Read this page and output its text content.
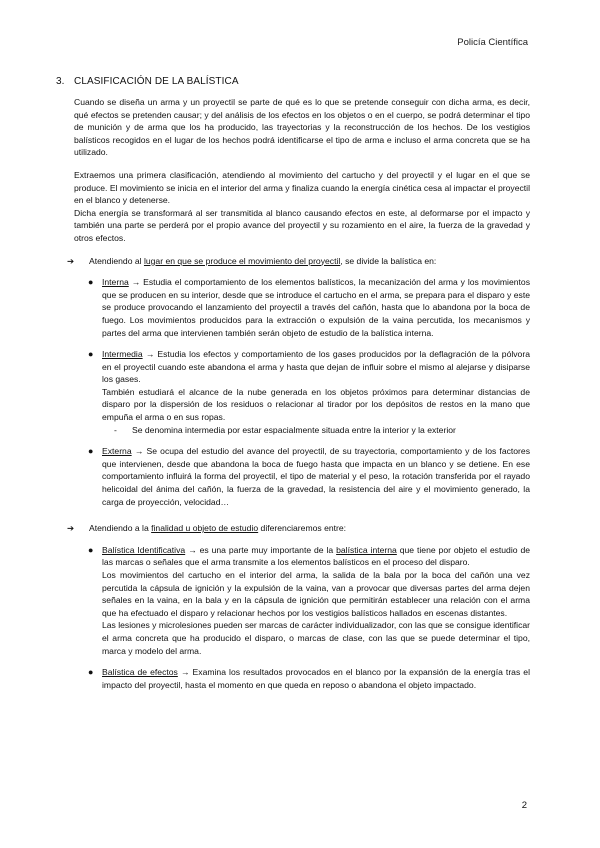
Policía Científica
3. CLASIFICACIÓN DE LA BALÍSTICA

Cuando se diseña un arma y un proyectil se parte de qué es lo que se pretende conseguir con dicha arma, es decir, qué efectos se pretenden causar; y del análisis de los efectos en los objetos o en el cuerpo, se podrá determinar el tipo de munición y de arma que los ha producido, las trayectorias y la reconstrucción de los hechos. De los vestigios balísticos recogidos en el lugar de los hechos podrá identificarse el tipo de arma e incluso el arma concreta que se ha utilizado.

Extraemos una primera clasificación, atendiendo al movimiento del cartucho y del proyectil y el lugar en el que se produce. El movimiento se inicia en el interior del arma y finaliza cuando la energía cinética cesa al impactar el proyectil en el blanco y detenerse.
Dicha energía se transformará al ser transmitida al blanco causando efectos en este, al deformarse por el impacto y también una parte se perderá por el propio avance del proyectil y su rozamiento en el aire, la fuerza de la gravedad y otros efectos.

➔ Atendiendo al lugar en que se produce el movimiento del proyectil, se divide la balística en:
● Interna → Estudia el comportamiento de los elementos balísticos, la mecanización del arma y los movimientos que se producen en su interior, desde que se introduce el cartucho en el arma, se prepara para el disparo y este se produce provocando el lanzamiento del proyectil a través del cañón, hasta que lo abandona por la boca de fuego. Los movimientos producidos para la extracción o expulsión de la vaina percutida, los mecanismos y partes del arma que intervienen también serán objeto de estudio de la balística interna.
● Intermedia → Estudia los efectos y comportamiento de los gases producidos por la deflagración de la pólvora en el proyectil cuando este abandona el arma y hasta que dejan de influir sobre el mismo al alejarse y disiparse los gases.
También estudiará el alcance de la nube generada en los objetos próximos para determinar distancias de disparo por la dispersión de los residuos o relacionar al tirador por los depósitos de restos en la mano que empuña el arma o en sus ropas.
- Se denomina intermedia por estar espacialmente situada entre la interior y la exterior
● Externa → Se ocupa del estudio del avance del proyectil, de su trayectoria, comportamiento y de los factores que intervienen, desde que abandona la boca de fuego hasta que impacta en un blanco y se detiene. En ese comportamiento influirá la forma del proyectil, el tipo de material y el peso, la rotación transferida por el rayado helicoidal del ánima del cañón, la fuerza de la gravedad, la resistencia del aire y el movimiento generado, la carga de proyección, velocidad…
➔ Atendiendo a la finalidad u objeto de estudio diferenciaremos entre:
● Balística Identificativa → es una parte muy importante de la balística interna que tiene por objeto el estudio de las marcas o señales que el arma transmite a los elementos balísticos en el proceso del disparo.
Los movimientos del cartucho en el interior del arma, la salida de la bala por la boca del cañón una vez percutida la cápsula de ignición y la expulsión de la vaina, van a provocar que diversas partes del arma dejen señales en la vaina, en la bala y en la cápsula de ignición que permitirán establecer una relación con el arma que ha efectuado el disparo y relacionar hechos por los vestigios balísticos hallados en escenas distantes.
Las lesiones y microlesiones pueden ser marcas de carácter individualizador, con las que se consigue identificar el arma concreta que ha producido el disparo, o marcas de clase, con las que se puede determinar el tipo, marca y modelo del arma.
● Balística de efectos → Examina los resultados provocados en el blanco por la expansión de la energía tras el impacto del proyectil, hasta el momento en que queda en reposo o abandona el objeto impactado.
2
